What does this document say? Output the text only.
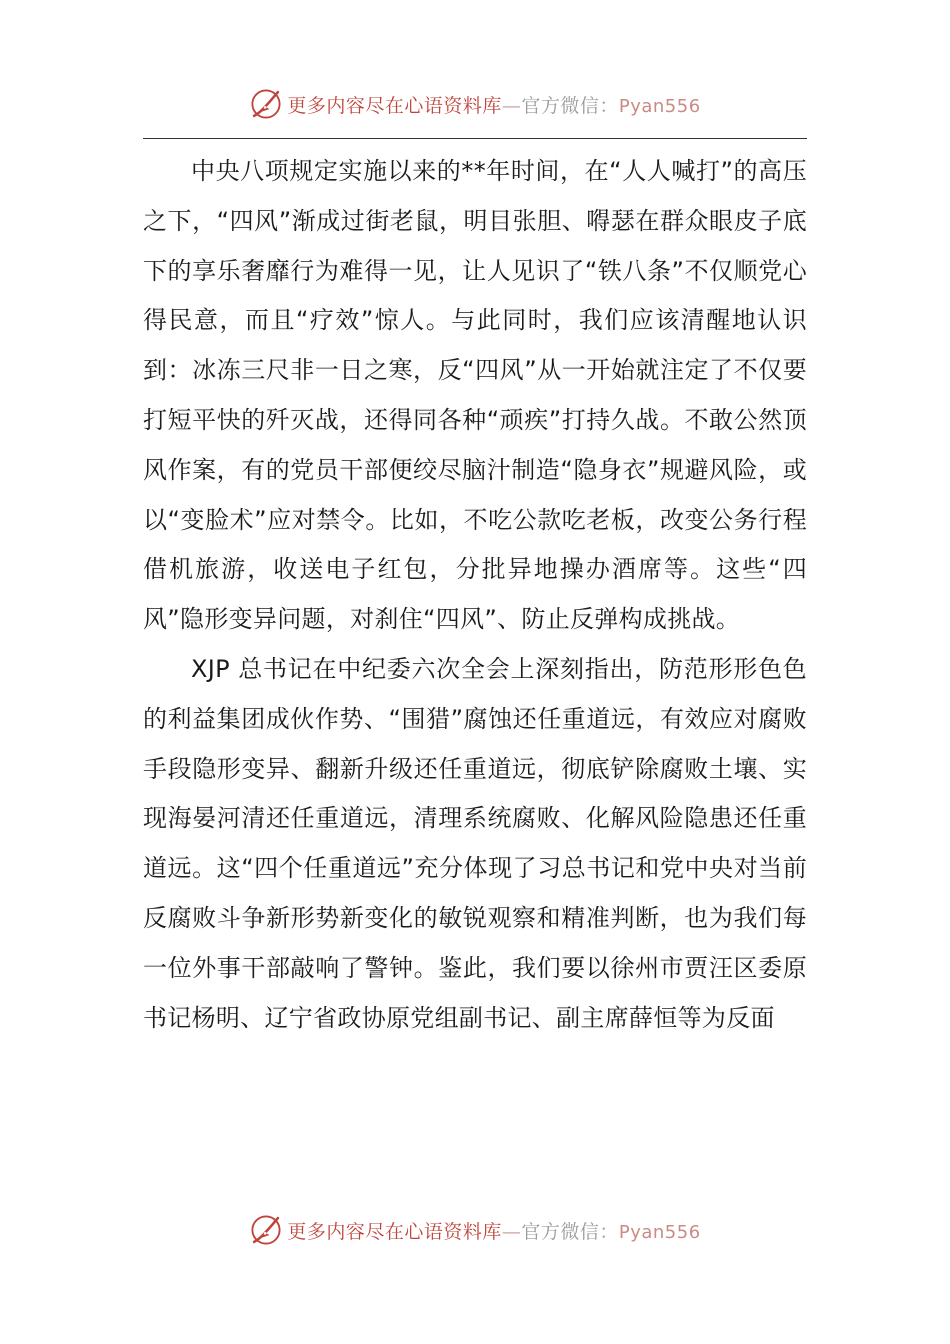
更多内容尽在心语资料库—官方微信：Pyan556

中央八项规定实施以来的**年时间，在“人人喊打”的高压之下，“四风”渐成过街老鼠，明目张胆、嘚瑟在群众眼皮子底下的享乐奢靡行为难得一见，让人见识了“铁八条”不仅顺党心得民意，而且“疗效”惊人。与此同时，我们应该清醒地认识到：冰冻三尺非一日之寒，反“四风”从一开始就注定了不仅要打短平快的歼灭战，还得同各种“顽疾”打持久战。不敢公然顶风作案，有的党员干部便绞尽脑汁制造“隐身衣”规避风险，或以“变脸术”应对禁令。比如，不吃公款吃老板，改变公务行程借机旅游，收送电子红包，分批异地操办酒席等。这些“四风”隐形变异问题，对刹住“四风”、防止反弹构成挑战。

XJP 总书记在中纪委六次全会上深刻指出，防范形形色色的利益集团成伙作势、“围猎”腐蚀还任重道远，有效应对腐败手段隐形变异、翻新升级还任重道远，彻底铲除腐败土壤、实现海晏河清还任重道远，清理系统腐败、化解风险隐患还任重道远。这“四个任重道远”充分体现了习总书记和党中央对当前反腐败斗争新形势新变化的敏锐观察和精准判断，也为我们每一位外事干部敲响了警钟。鉴此，我们要以徐州市贾汪区委原书记杨明、辽宁省政协原党组副书记、副主席薛恒等为反面

更多内容尽在心语资料库—官方微信：Pyan556
